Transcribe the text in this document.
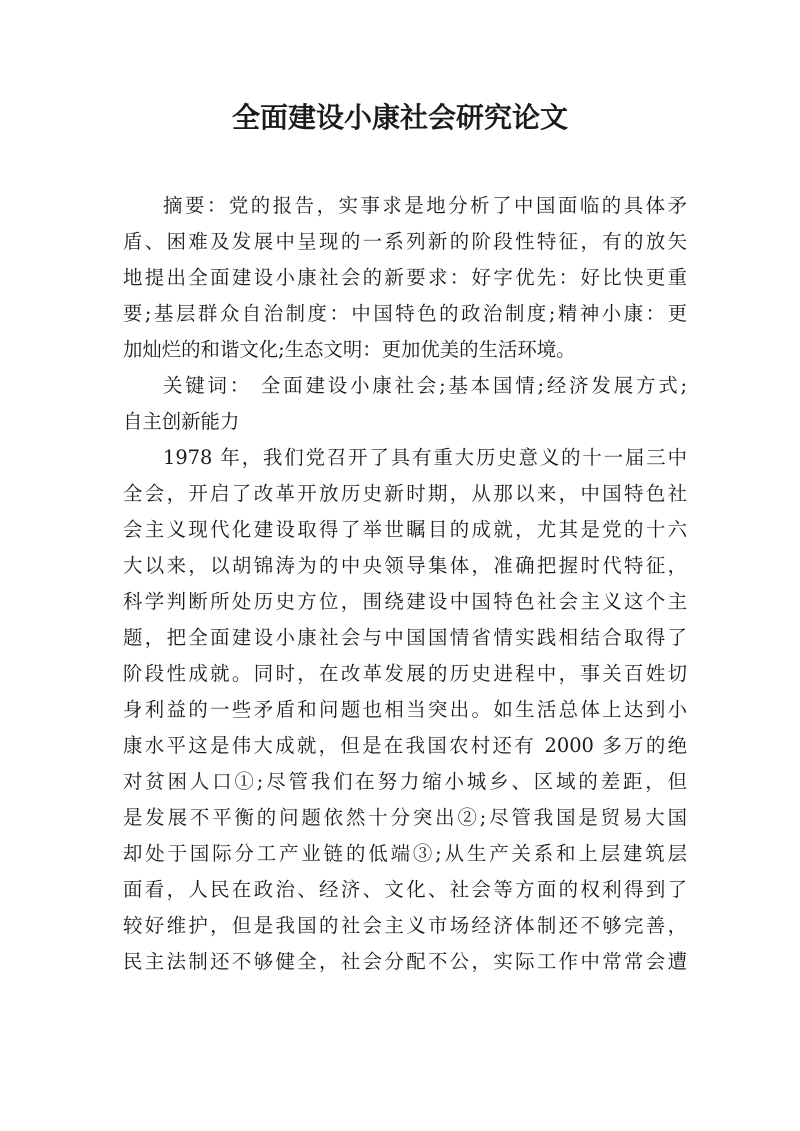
全面建设小康社会研究论文
摘要：党的报告，实事求是地分析了中国面临的具体矛
盾、困难及发展中呈现的一系列新的阶段性特征，有的放矢
地提出全面建设小康社会的新要求：好字优先：好比快更重
要;基层群众自治制度：中国特色的政治制度;精神小康：更
加灿烂的和谐文化;生态文明：更加优美的生活环境。
关键词： 全面建设小康社会;基本国情;经济发展方式;
自主创新能力
1978 年，我们党召开了具有重大历史意义的十一届三中
全会，开启了改革开放历史新时期，从那以来，中国特色社
会主义现代化建设取得了举世瞩目的成就，尤其是党的十六
大以来，以胡锦涛为的中央领导集体，准确把握时代特征，
科学判断所处历史方位，围绕建设中国特色社会主义这个主
题，把全面建设小康社会与中国国情省情实践相结合取得了
阶段性成就。同时，在改革发展的历史进程中，事关百姓切
身利益的一些矛盾和问题也相当突出。如生活总体上达到小
康水平这是伟大成就，但是在我国农村还有 2000 多万的绝
对贫困人口①;尽管我们在努力缩小城乡、区域的差距，但
是发展不平衡的问题依然十分突出②;尽管我国是贸易大国
却处于国际分工产业链的低端③;从生产关系和上层建筑层
面看，人民在政治、经济、文化、社会等方面的权利得到了
较好维护，但是我国的社会主义市场经济体制还不够完善，
民主法制还不够健全，社会分配不公，实际工作中常常会遭
